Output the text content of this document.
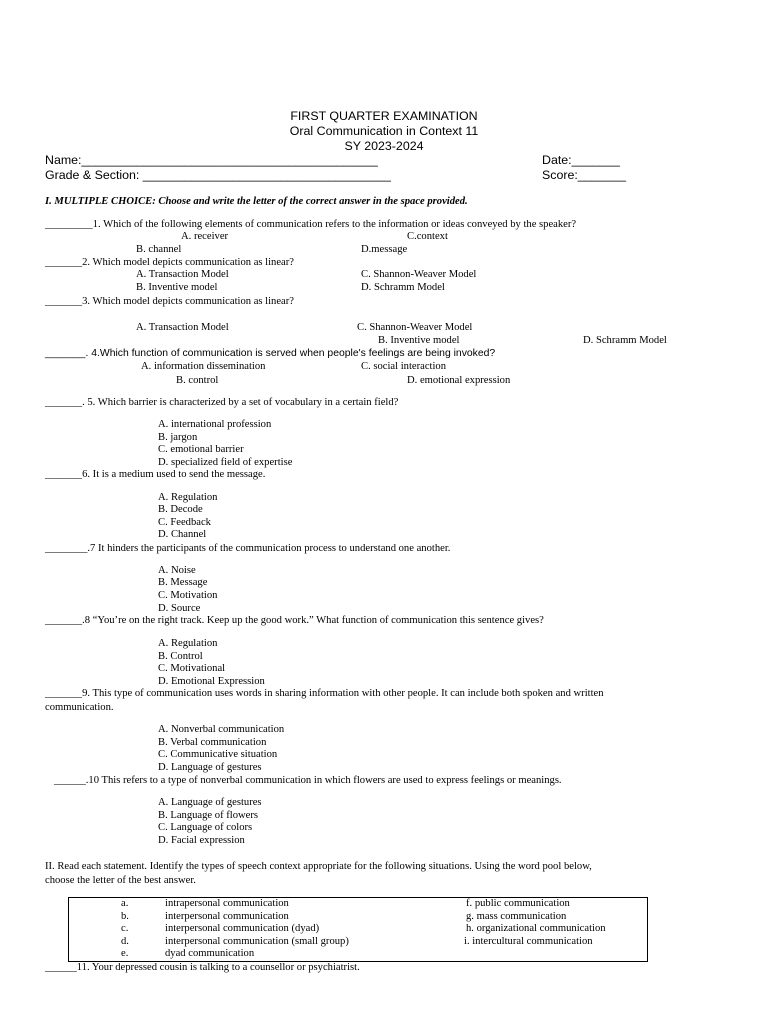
FIRST QUARTER EXAMINATION
Oral Communication in Context 11
SY 2023-2024
Name:___________________________________________	Date:_______
Grade & Section: ____________________________________	Score:_______
I. MULTIPLE CHOICE: Choose and write the letter of the correct answer in the space provided.
_________1. Which of the following elements of communication refers to the information or ideas conveyed by the speaker?
A. receiver	C.context
B. channel	D.message
_______2. Which model depicts communication as linear?
A. Transaction Model	C. Shannon-Weaver Model
B. Inventive model	D. Schramm Model
_______3. Which model depicts communication as linear?
A. Transaction Model	C. Shannon-Weaver Model
B. Inventive model	D. Schramm Model
_______. 4.Which function of communication is served when people's feelings are being invoked?
A. information dissemination	C. social interaction
B. control	D. emotional expression
_______. 5. Which barrier is characterized by a set of vocabulary in a certain field?
A. international profession
B. jargon
C. emotional barrier
D. specialized field of expertise
_______6. It is a medium used to send the message.
A. Regulation
B. Decode
C. Feedback
D. Channel
________.7 It hinders the participants of the communication process to understand one another.
A. Noise
B. Message
C. Motivation
D. Source
_______.8 “You’re on the right track. Keep up the good work.” What function of communication this sentence gives?
A. Regulation
B. Control
C. Motivational
D. Emotional Expression
_______9. This type of communication uses words in sharing information with other people. It can include both spoken and written
communication.
A. Nonverbal communication
B. Verbal communication
C. Communicative situation
D. Language of gestures
______.10 This refers to a type of nonverbal communication in which flowers are used to express feelings or meanings.
A. Language of gestures
B. Language of flowers
C. Language of colors
D. Facial expression
II. Read each statement. Identify the types of speech context appropriate for the following situations. Using the word pool below,
choose the letter of the best answer.
a.	intrapersonal communication	f. public communication
b.	interpersonal communication	g. mass communication
c.	interpersonal communication (dyad)	h. organizational communication
d.	interpersonal communication (small group)	i. intercultural communication
e.	dyad communication
______11. Your depressed cousin is talking to a counsellor or psychiatrist.
